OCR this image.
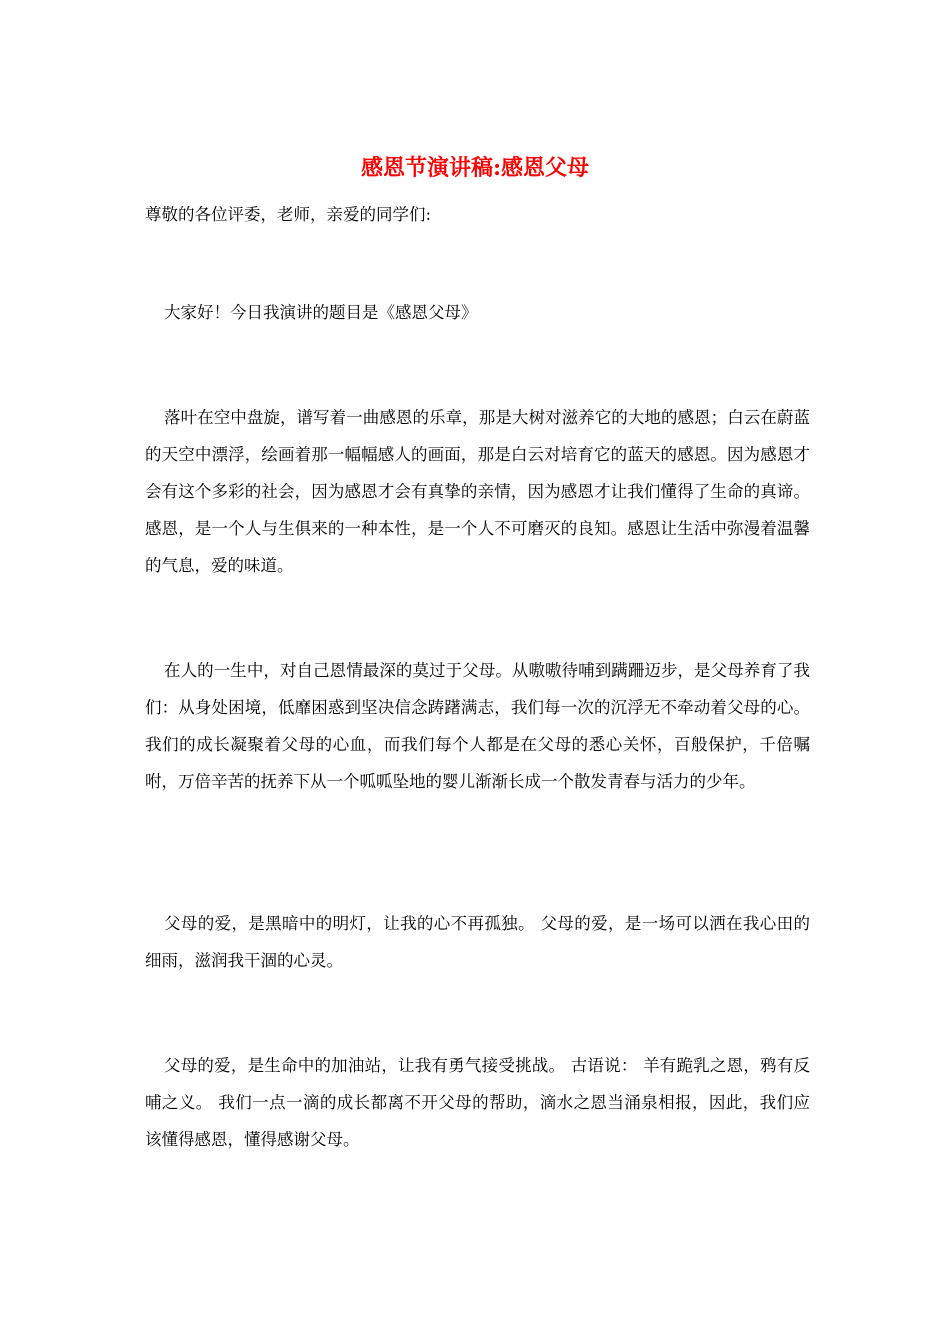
感恩节演讲稿:感恩父母

尊敬的各位评委，老师，亲爱的同学们:

大家好！今日我演讲的题目是《感恩父母》

落叶在空中盘旋，谱写着一曲感恩的乐章，那是大树对滋养它的大地的感恩；白云在蔚蓝的天空中漂浮，绘画着那一幅幅感人的画面，那是白云对培育它的蓝天的感恩。因为感恩才会有这个多彩的社会，因为感恩才会有真挚的亲情，因为感恩才让我们懂得了生命的真谛。感恩，是一个人与生俱来的一种本性，是一个人不可磨灭的良知。感恩让生活中弥漫着温馨的气息，爱的味道。

在人的一生中，对自己恩情最深的莫过于父母。从嗷嗷待哺到蹒跚迈步，是父母养育了我们：从身处困境，低靡困惑到坚决信念踌躇满志，我们每一次的沉浮无不牵动着父母的心。我们的成长凝聚着父母的心血，而我们每个人都是在父母的悉心关怀，百般保护，千倍嘱咐，万倍辛苦的抚养下从一个呱呱坠地的婴儿渐渐长成一个散发青春与活力的少年。

父母的爱，是黑暗中的明灯，让我的心不再孤独。 父母的爱，是一场可以洒在我心田的细雨，滋润我干涸的心灵。

父母的爱，是生命中的加油站，让我有勇气接受挑战。 古语说： 羊有跪乳之恩，鸦有反哺之义。 我们一点一滴的成长都离不开父母的帮助，滴水之恩当涌泉相报，因此，我们应该懂得感恩，懂得感谢父母。
